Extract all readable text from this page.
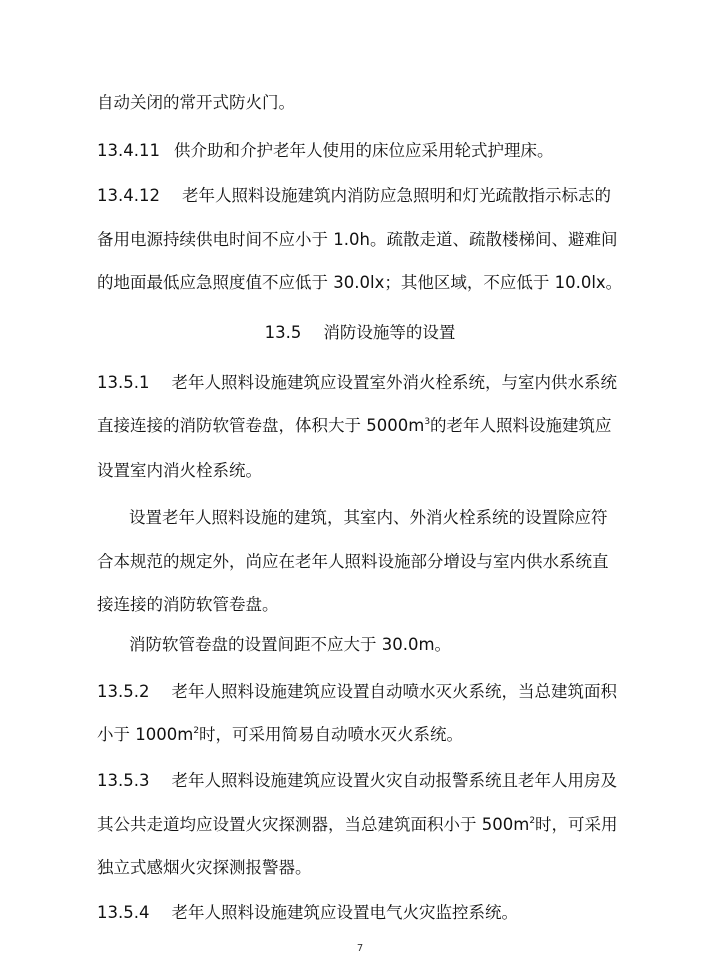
自动关闭的常开式防火门。
13.4.11 供介助和介护老年人使用的床位应采用轮式护理床。
13.4.12 老年人照料设施建筑内消防应急照明和灯光疏散指示标志的
备用电源持续供电时间不应小于 1.0h。疏散走道、疏散楼梯间、避难间
的地面最低应急照度值不应低于 30.0lx；其他区域，不应低于 10.0lx。
13.5 消防设施等的设置
13.5.1 老年人照料设施建筑应设置室外消火栓系统，与室内供水系统
直接连接的消防软管卷盘，体积大于 $5000m^3$的老年人照料设施建筑应
设置室内消火栓系统。
设置老年人照料设施的建筑，其室内、外消火栓系统的设置除应符
合本规范的规定外，尚应在老年人照料设施部分增设与室内供水系统直
接连接的消防软管卷盘。
消防软管卷盘的设置间距不应大于 30.0m。
13.5.2 老年人照料设施建筑应设置自动喷水灭火系统，当总建筑面积
小于 $1000m^2$时，可采用简易自动喷水灭火系统。
13.5.3 老年人照料设施建筑应设置火灾自动报警系统且老年人用房及
其公共走道均应设置火灾探测器，当总建筑面积小于 $500m^2$时，可采用
独立式感烟火灾探测报警器。
13.5.4 老年人照料设施建筑应设置电气火灾监控系统。
7
